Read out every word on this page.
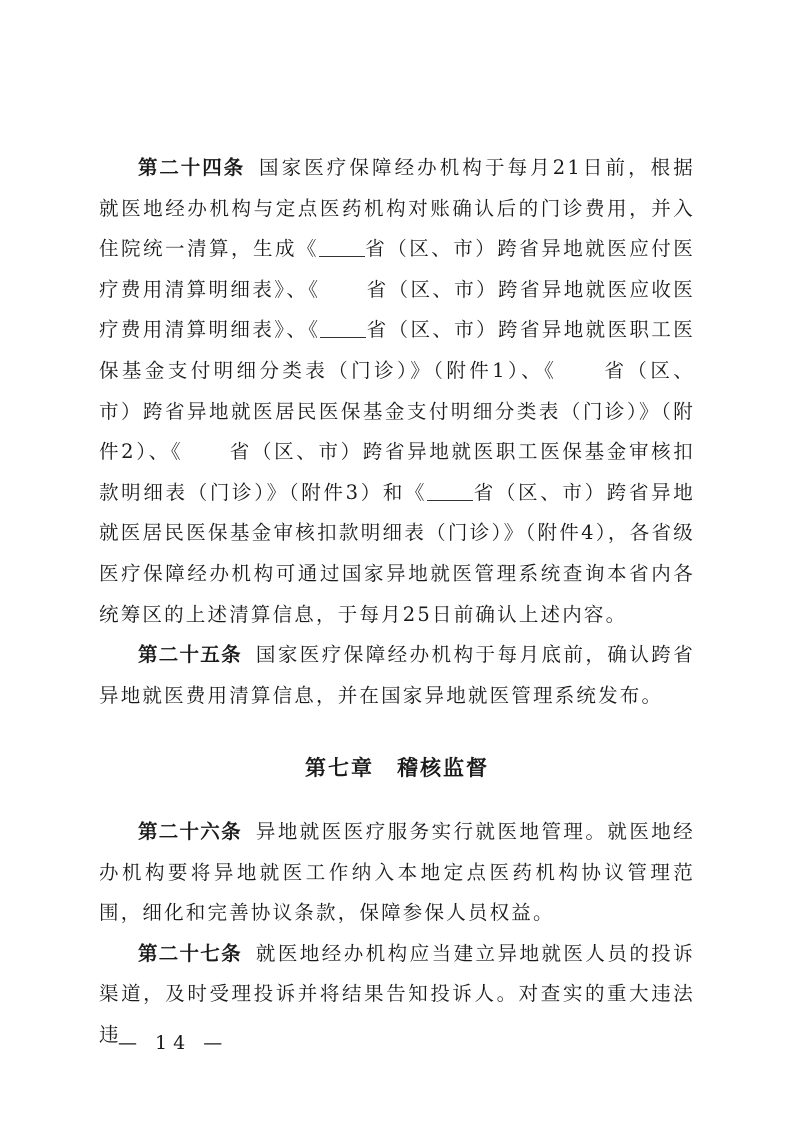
第二十四条 国家医疗保障经办机构于每月21日前，根据就医地经办机构与定点医药机构对账确认后的门诊费用，并入住院统一清算，生成《 省（区、市）跨省异地就医应付医疗费用清算明细表》、《 省（区、市）跨省异地就医应收医疗费用清算明细表》、《 省（区、市）跨省异地就医职工医保基金支付明细分类表（门诊）》（附件1）、《 省（区、市）跨省异地就医居民医保基金支付明细分类表（门诊）》（附件2）、《 省（区、市）跨省异地就医职工医保基金审核扣款明细表（门诊）》（附件3）和《 省（区、市）跨省异地就医居民医保基金审核扣款明细表（门诊）》（附件4），各省级医疗保障经办机构可通过国家异地就医管理系统查询本省内各统筹区的上述清算信息，于每月25日前确认上述内容。

第二十五条 国家医疗保障经办机构于每月底前，确认跨省异地就医费用清算信息，并在国家异地就医管理系统发布。

第七章　稽核监督

第二十六条 异地就医医疗服务实行就医地管理。就医地经办机构要将异地就医工作纳入本地定点医药机构协议管理范围，细化和完善协议条款，保障参保人员权益。

第二十七条 就医地经办机构应当建立异地就医人员的投诉渠道，及时受理投诉并将结果告知投诉人。对查实的重大违法违

— 14 —
